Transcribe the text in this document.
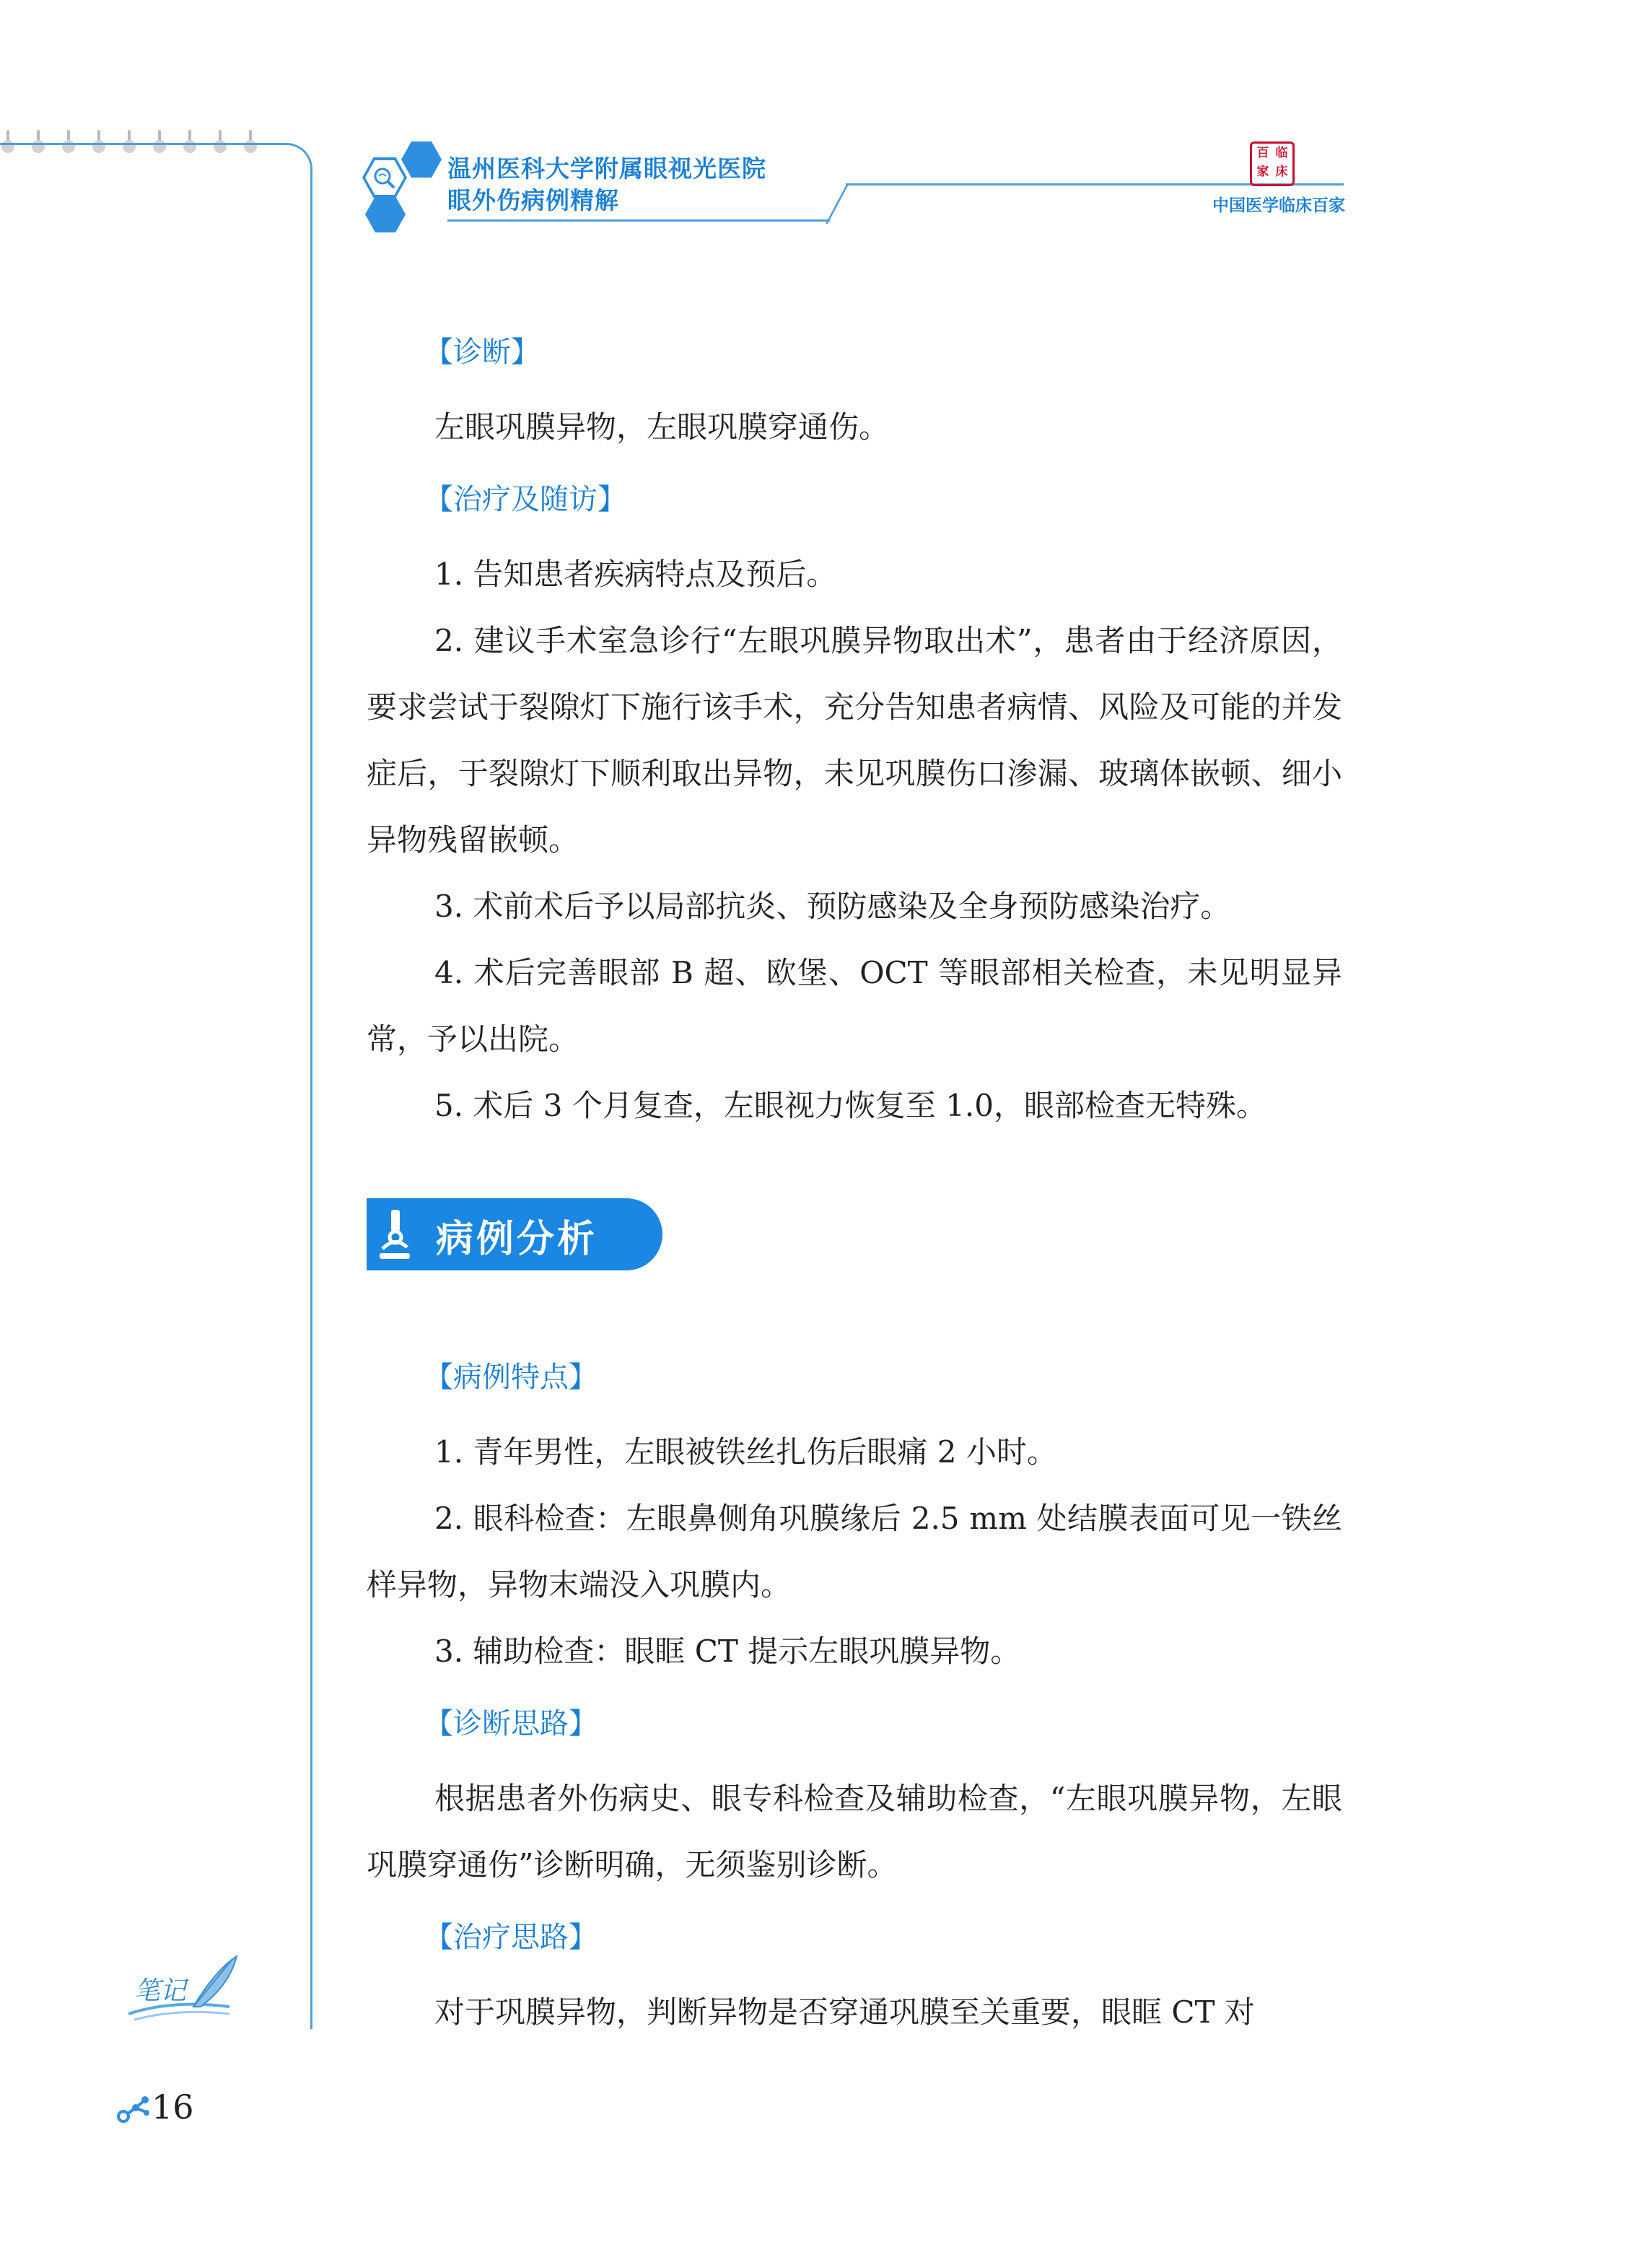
温州医科大学附属眼视光医院
眼外伤病例精解
百 临
家 床
中国医学临床百家
【诊断】

左眼巩膜异物，左眼巩膜穿通伤。

【治疗及随访】

1. 告知患者疾病特点及预后。

2. 建议手术室急诊行“左眼巩膜异物取出术”，患者由于经济原因，要求尝试于裂隙灯下施行该手术，充分告知患者病情、风险及可能的并发症后，于裂隙灯下顺利取出异物，未见巩膜伤口渗漏、玻璃体嵌顿、细小异物残留嵌顿。

3. 术前术后予以局部抗炎、预防感染及全身预防感染治疗。

4. 术后完善眼部 B 超、欧堡、OCT 等眼部相关检查，未见明显异常，予以出院。

5. 术后 3 个月复查，左眼视力恢复至 1.0，眼部检查无特殊。

病例分析
【病例特点】

1. 青年男性，左眼被铁丝扎伤后眼痛 2 小时。

2. 眼科检查：左眼鼻侧角巩膜缘后 2.5 mm 处结膜表面可见一铁丝样异物，异物末端没入巩膜内。

3. 辅助检查：眼眶 CT 提示左眼巩膜异物。

【诊断思路】

根据患者外伤病史、眼专科检查及辅助检查，“左眼巩膜异物，左眼巩膜穿通伤”诊断明确，无须鉴别诊断。

【治疗思路】

对于巩膜异物，判断异物是否穿通巩膜至关重要，眼眶 CT 对

笔记
16
